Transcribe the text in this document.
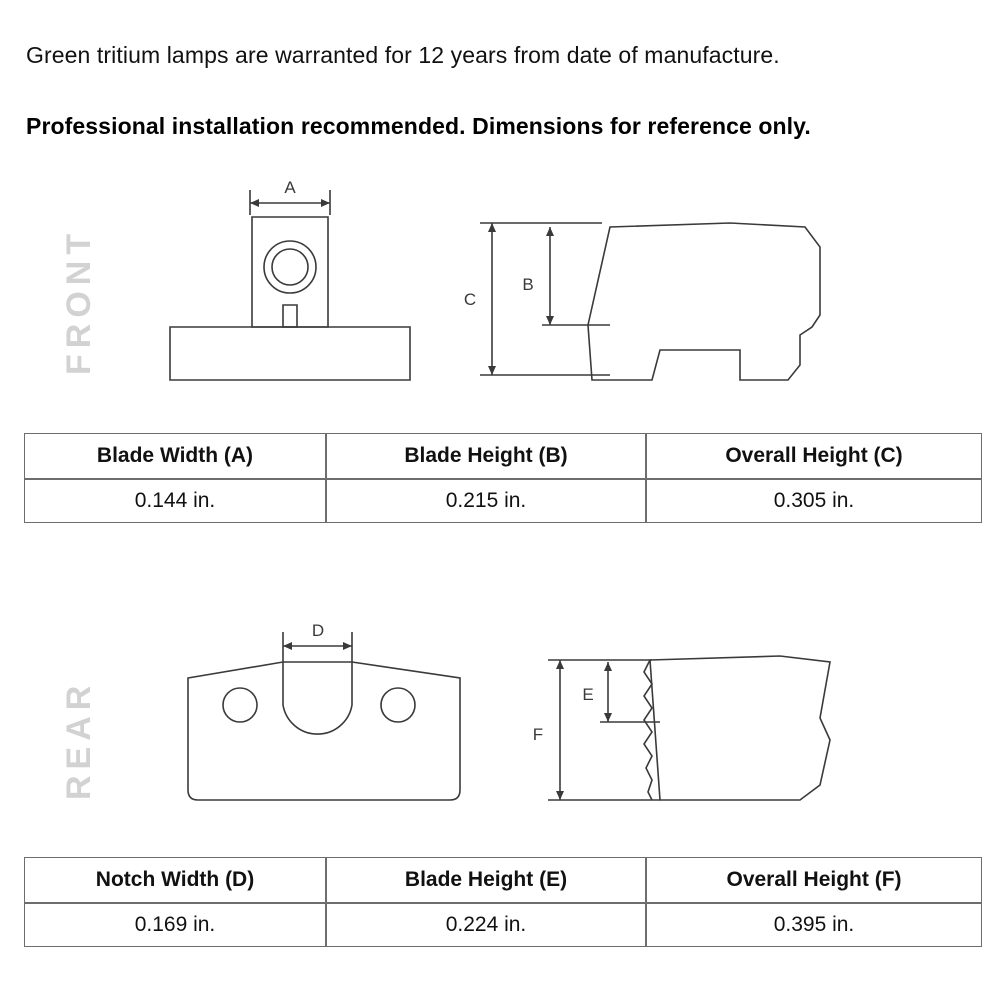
Green tritium lamps are warranted for 12 years from date of manufacture.
Professional installation recommended. Dimensions for reference only.
FRONT
A
C
B
Blade Width (A)	Blade Height (B)	Overall Height (C)
0.144 in.	0.215 in.	0.305 in.
REAR
D
F
E
Notch Width (D)	Blade Height (E)	Overall Height (F)
0.169 in.	0.224 in.	0.395 in.
